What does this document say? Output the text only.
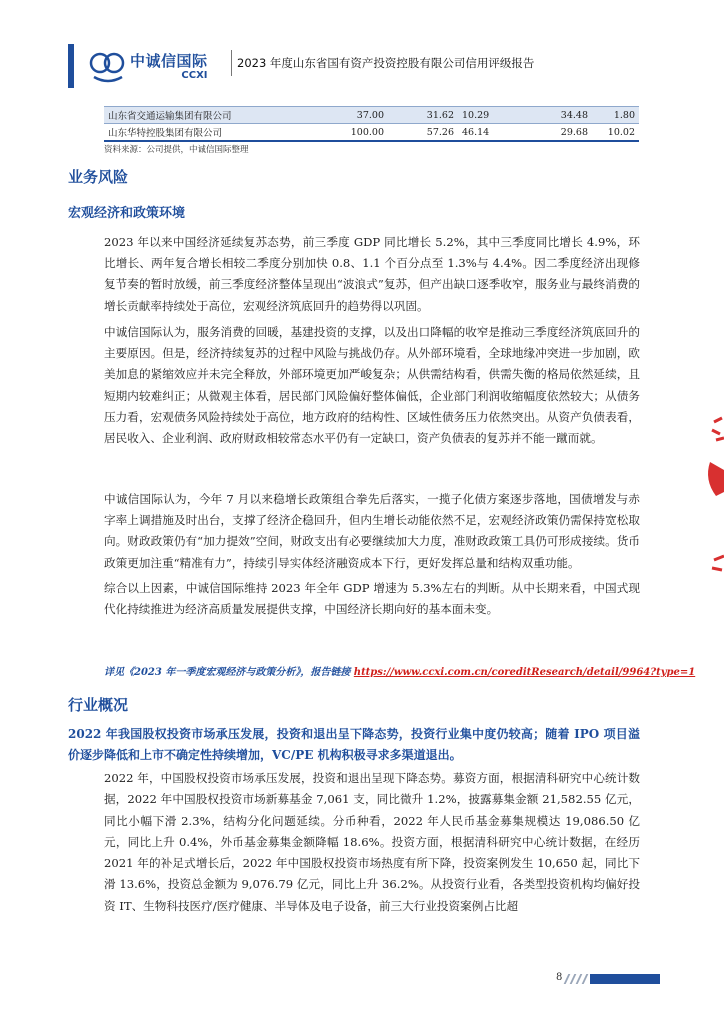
中诚信国际
CCXI
2023 年度山东省国有资产投资控股有限公司信用评级报告
山东省交通运输集团有限公司	37.00	31.62	10.29	34.48	1.80
山东华特控股集团有限公司	100.00	57.26	46.14	29.68	10.02
资料来源：公司提供，中诚信国际整理
业务风险
宏观经济和政策环境
2023 年以来中国经济延续复苏态势，前三季度 GDP 同比增长 5.2%，其中三季度同比增长 4.9%，环比增长、两年复合增长相较二季度分别加快 0.8、1.1 个百分点至 1.3%与 4.4%。因二季度经济出现修复节奏的暂时放缓，前三季度经济整体呈现出“波浪式”复苏，但产出缺口逐季收窄，服务业与最终消费的增长贡献率持续处于高位，宏观经济筑底回升的趋势得以巩固。
中诚信国际认为，服务消费的回暖，基建投资的支撑，以及出口降幅的收窄是推动三季度经济筑底回升的主要原因。但是，经济持续复苏的过程中风险与挑战仍存。从外部环境看，全球地缘冲突进一步加剧，欧美加息的紧缩效应并未完全释放，外部环境更加严峻复杂；从供需结构看，供需失衡的格局依然延续，且短期内较难纠正；从微观主体看，居民部门风险偏好整体偏低，企业部门利润收缩幅度依然较大；从债务压力看，宏观债务风险持续处于高位，地方政府的结构性、区域性债务压力依然突出。从资产负债表看，居民收入、企业利润、政府财政相较常态水平仍有一定缺口，资产负债表的复苏并不能一蹴而就。
中诚信国际认为，今年 7 月以来稳增长政策组合拳先后落实，一揽子化债方案逐步落地，国债增发与赤字率上调措施及时出台，支撑了经济企稳回升，但内生增长动能依然不足，宏观经济政策仍需保持宽松取向。财政政策仍有“加力提效”空间，财政支出有必要继续加大力度，准财政政策工具仍可形成接续。货币政策更加注重“精准有力”，持续引导实体经济融资成本下行，更好发挥总量和结构双重功能。
综合以上因素，中诚信国际维持 2023 年全年 GDP 增速为 5.3%左右的判断。从中长期来看，中国式现代化持续推进为经济高质量发展提供支撑，中国经济长期向好的基本面未变。
详见《2023 年一季度宏观经济与政策分析》，报告链接 https://www.ccxi.com.cn/coreditResearch/detail/9964?type=1
行业概况
2022 年我国股权投资市场承压发展，投资和退出呈下降态势，投资行业集中度仍较高；随着 IPO 项目溢价逐步降低和上市不确定性持续增加，VC/PE 机构积极寻求多渠道退出。
2022 年，中国股权投资市场承压发展，投资和退出呈现下降态势。募资方面，根据清科研究中心统计数据，2022 年中国股权投资市场新募基金 7,061 支，同比微升 1.2%，披露募集金额 21,582.55 亿元，同比小幅下滑 2.3%，结构分化问题延续。分币种看，2022 年人民币基金募集规模达 19,086.50 亿元，同比上升 0.4%，外币基金募集金额降幅 18.6%。投资方面，根据清科研究中心统计数据，在经历 2021 年的补足式增长后，2022 年中国股权投资市场热度有所下降，投资案例发生 10,650 起，同比下滑 13.6%，投资总金额为 9,076.79 亿元，同比上升 36.2%。从投资行业看，各类型投资机构均偏好投资 IT、生物科技医疗/医疗健康、半导体及电子设备，前三大行业投资案例占比超
8
